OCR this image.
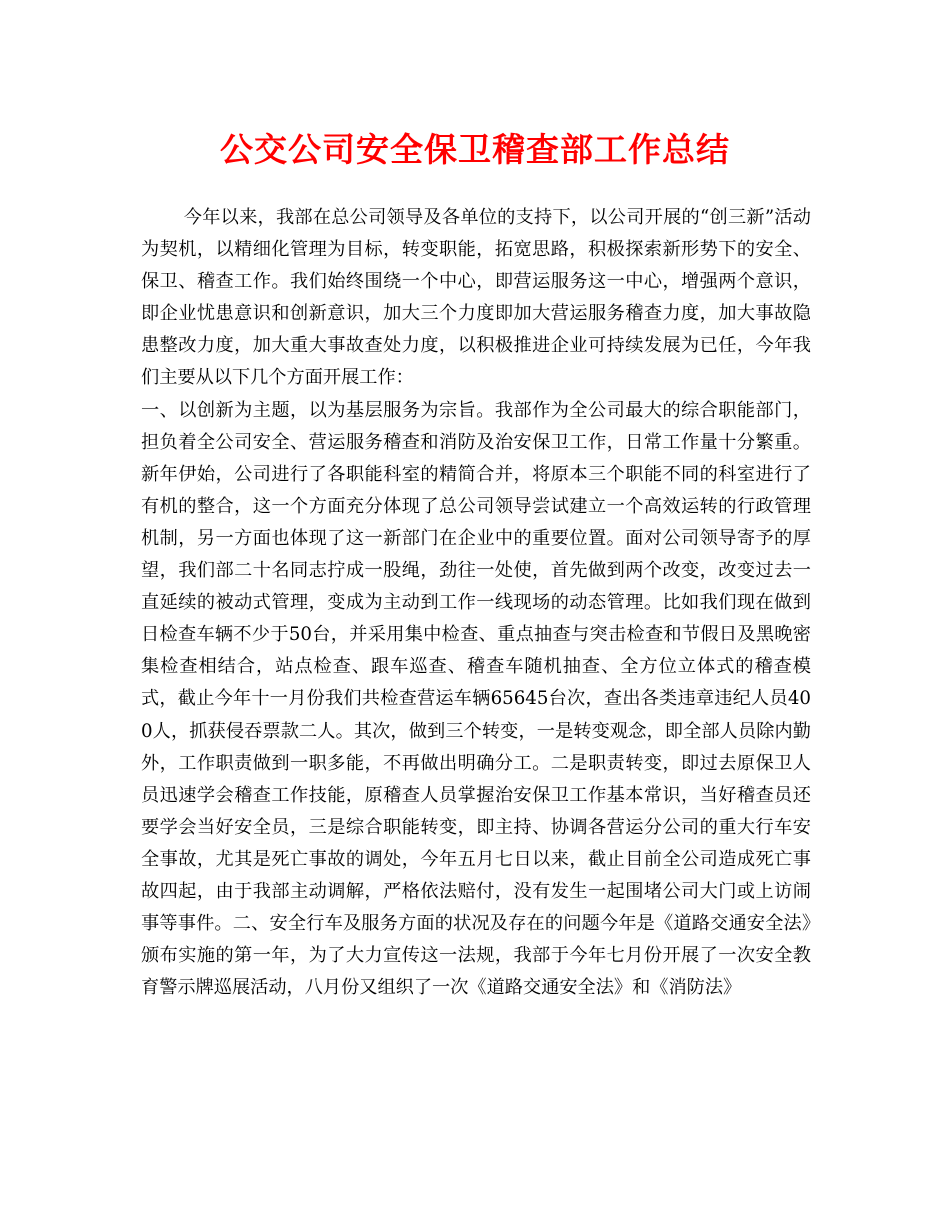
公交公司安全保卫稽查部工作总结

今年以来，我部在总公司领导及各单位的支持下，以公司开展的“创三新”活动为契机，以精细化管理为目标，转变职能，拓宽思路，积极探索新形势下的安全、保卫、稽查工作。我们始终围绕一个中心，即营运服务这一中心，增强两个意识，即企业忧患意识和创新意识，加大三个力度即加大营运服务稽查力度，加大事故隐患整改力度，加大重大事故查处力度，以积极推进企业可持续发展为已任，今年我们主要从以下几个方面开展工作：

一、以创新为主题，以为基层服务为宗旨。我部作为全公司最大的综合职能部门，担负着全公司安全、营运服务稽查和消防及治安保卫工作，日常工作量十分繁重。新年伊始，公司进行了各职能科室的精简合并，将原本三个职能不同的科室进行了有机的整合，这一个方面充分体现了总公司领导尝试建立一个高效运转的行政管理机制，另一方面也体现了这一新部门在企业中的重要位置。面对公司领导寄予的厚望，我们部二十名同志拧成一股绳，劲往一处使，首先做到两个改变，改变过去一直延续的被动式管理，变成为主动到工作一线现场的动态管理。比如我们现在做到日检查车辆不少于50台，并采用集中检查、重点抽查与突击检查和节假日及黑晚密集检查相结合，站点检查、跟车巡查、稽查车随机抽查、全方位立体式的稽查模式，截止今年十一月份我们共检查营运车辆65645台次，查出各类违章违纪人员400人，抓获侵吞票款二人。其次，做到三个转变，一是转变观念，即全部人员除内勤外，工作职责做到一职多能，不再做出明确分工。二是职责转变，即过去原保卫人员迅速学会稽查工作技能，原稽查人员掌握治安保卫工作基本常识，当好稽查员还要学会当好安全员，三是综合职能转变，即主持、协调各营运分公司的重大行车安全事故，尤其是死亡事故的调处，今年五月七日以来，截止目前全公司造成死亡事故四起，由于我部主动调解，严格依法赔付，没有发生一起围堵公司大门或上访闹事等事件。二、安全行车及服务方面的状况及存在的问题今年是《道路交通安全法》颁布实施的第一年，为了大力宣传这一法规，我部于今年七月份开展了一次安全教育警示牌巡展活动，八月份又组织了一次《道路交通安全法》和《消防法》
